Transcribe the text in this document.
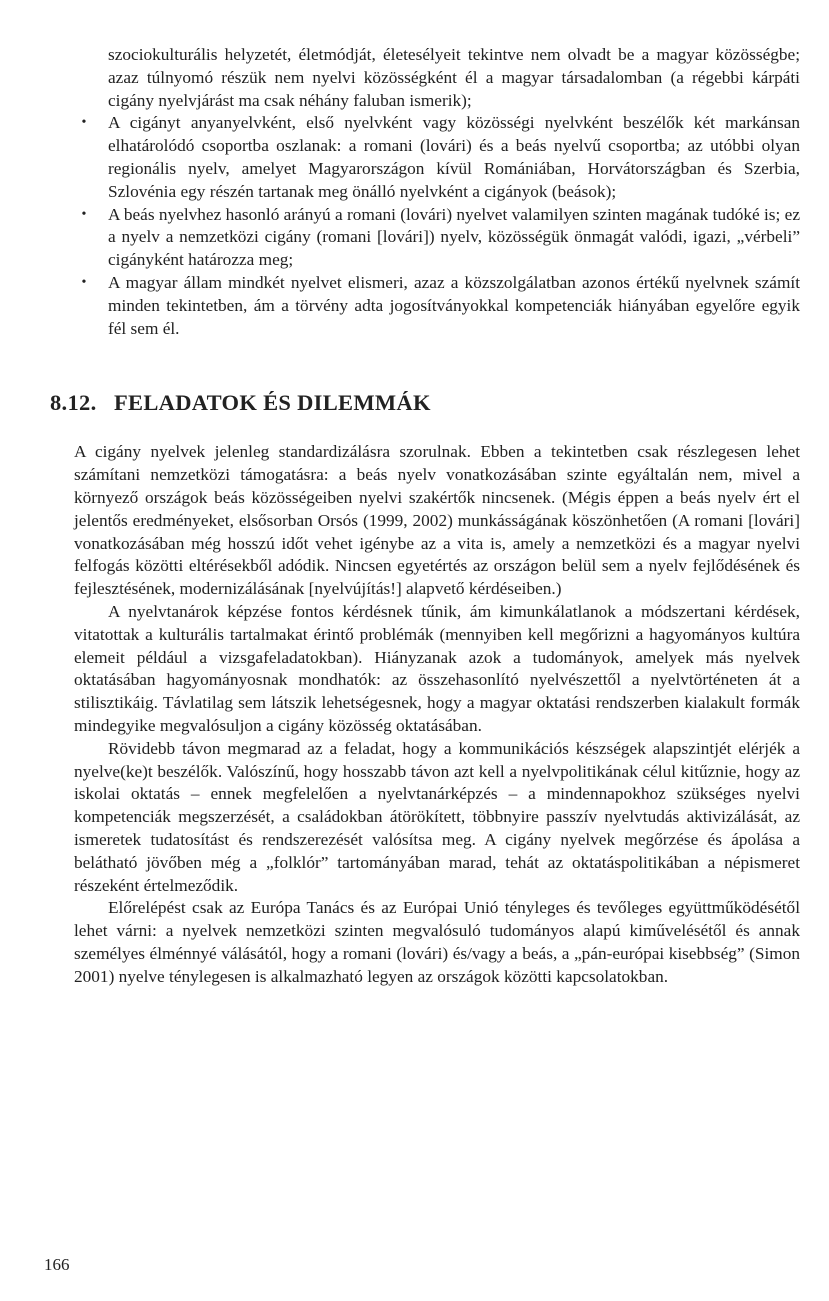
szociokulturális helyzetét, életmódját, életesélyeit tekintve nem olvadt be a magyar közösségbe; azaz túlnyomó részük nem nyelvi közösségként él a magyar társadalomban (a régebbi kárpáti cigány nyelvjárást ma csak néhány faluban ismerik);

•	A cigányt anyanyelvként, első nyelvként vagy közösségi nyelvként beszélők két markánsan elhatárolódó csoportba oszlanak: a romani (lovári) és a beás nyelvű csoportba; az utóbbi olyan regionális nyelv, amelyet Magyarországon kívül Romániában, Horvátországban és Szerbia, Szlovénia egy részén tartanak meg önálló nyelvként a cigányok (beások);
•	A beás nyelvhez hasonló arányú a romani (lovári) nyelvet valamilyen szinten magának tudóké is; ez a nyelv a nemzetközi cigány (romani [lovári]) nyelv, közösségük önmagát valódi, igazi, „vérbeli” cigányként határozza meg;
•	A magyar állam mindkét nyelvet elismeri, azaz a közszolgálatban azonos értékű nyelvnek számít minden tekintetben, ám a törvény adta jogosítványokkal kompetenciák hiányában egyelőre egyik fél sem él.
8.12. FELADATOK ÉS DILEMMÁK

A cigány nyelvek jelenleg standardizálásra szorulnak. Ebben a tekintetben csak részlegesen lehet számítani nemzetközi támogatásra: a beás nyelv vonatkozásában szinte egyáltalán nem, mivel a környező országok beás közösségeiben nyelvi szakértők nincsenek. (Mégis éppen a beás nyelv ért el jelentős eredményeket, elsősorban Orsós (1999, 2002) munkásságának köszönhetően (A romani [lovári] vonatkozásában még hosszú időt vehet igénybe az a vita is, amely a nemzetközi és a magyar nyelvi felfogás közötti eltérésekből adódik. Nincsen egyetértés az országon belül sem a nyelv fejlődésének és fejlesztésének, modernizálásának [nyelvújítás!] alapvető kérdéseiben.)

A nyelvtanárok képzése fontos kérdésnek tűnik, ám kimunkálatlanok a módszertani kérdések, vitatottak a kulturális tartalmakat érintő problémák (mennyiben kell megőrizni a hagyományos kultúra elemeit például a vizsgafeladatokban). Hiányzanak azok a tudományok, amelyek más nyelvek oktatásában hagyományosnak mondhatók: az összehasonlító nyelvészettől a nyelvtörténeten át a stilisztikáig. Távlatilag sem látszik lehetségesnek, hogy a magyar oktatási rendszerben kialakult formák mindegyike megvalósuljon a cigány közösség oktatásában.

Rövidebb távon megmarad az a feladat, hogy a kommunikációs készségek alapszintjét elérjék a nyelve(ke)t beszélők. Valószínű, hogy hosszabb távon azt kell a nyelvpolitikának célul kitűznie, hogy az iskolai oktatás – ennek megfelelően a nyelvtanárképzés – a mindennapokhoz szükséges nyelvi kompetenciák megszerzését, a családokban átörökített, többnyire passzív nyelvtudás aktivizálását, az ismeretek tudatosítást és rendszerezését valósítsa meg. A cigány nyelvek megőrzése és ápolása a belátható jövőben még a „folklór” tartományában marad, tehát az oktatáspolitikában a népismeret részeként értelmeződik.

Előrelépést csak az Európa Tanács és az Európai Unió tényleges és tevőleges együttműködésétől lehet várni: a nyelvek nemzetközi szinten megvalósuló tudományos alapú kiművelésétől és annak személyes élménnyé válásától, hogy a romani (lovári) és/vagy a beás, a „pán-európai kisebbség” (Simon 2001) nyelve ténylegesen is alkalmazható legyen az országok közötti kapcsolatokban.

166
